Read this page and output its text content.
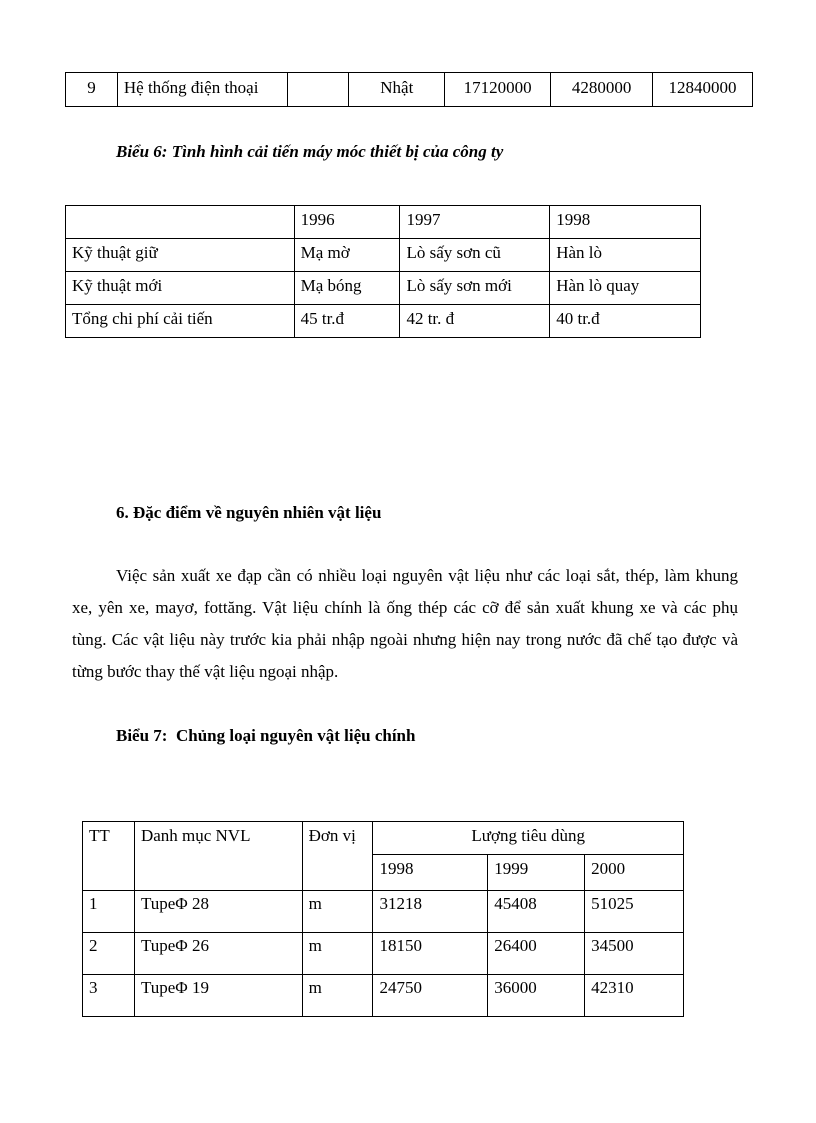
9	Hệ thống điện thoại		Nhật	17120000	4280000	12840000

Biểu 6: Tình hình cải tiến máy móc thiết bị của công ty

	1996	1997	1998
Kỹ thuật giữ	Mạ mờ	Lò sấy sơn cũ	Hàn lò
Kỹ thuật mới	Mạ bóng	Lò sấy sơn mới	Hàn lò quay
Tổng chi phí cải tiến	45 tr.đ	42 tr. đ	40 tr.đ

6. Đặc điểm về nguyên nhiên vật liệu

Việc sản xuất xe đạp cần có nhiều loại nguyên vật liệu như các loại sắt, thép, làm khung xe, yên xe, mayơ, fottăng. Vật liệu chính là ống thép các cỡ để sản xuất khung xe và các phụ tùng. Các vật liệu này trước kia phải nhập ngoài nhưng hiện nay trong nước đã chế tạo được và từng bước thay thế vật liệu ngoại nhập.

Biểu 7:  Chủng loại nguyên vật liệu chính

TT	Danh mục NVL	Đơn vị	Lượng tiêu dùng		
			1998	1999	2000
1	TupeΦ 28	m	31218	45408	51025
2	TupeΦ 26	m	18150	26400	34500
3	TupeΦ 19	m	24750	36000	42310
